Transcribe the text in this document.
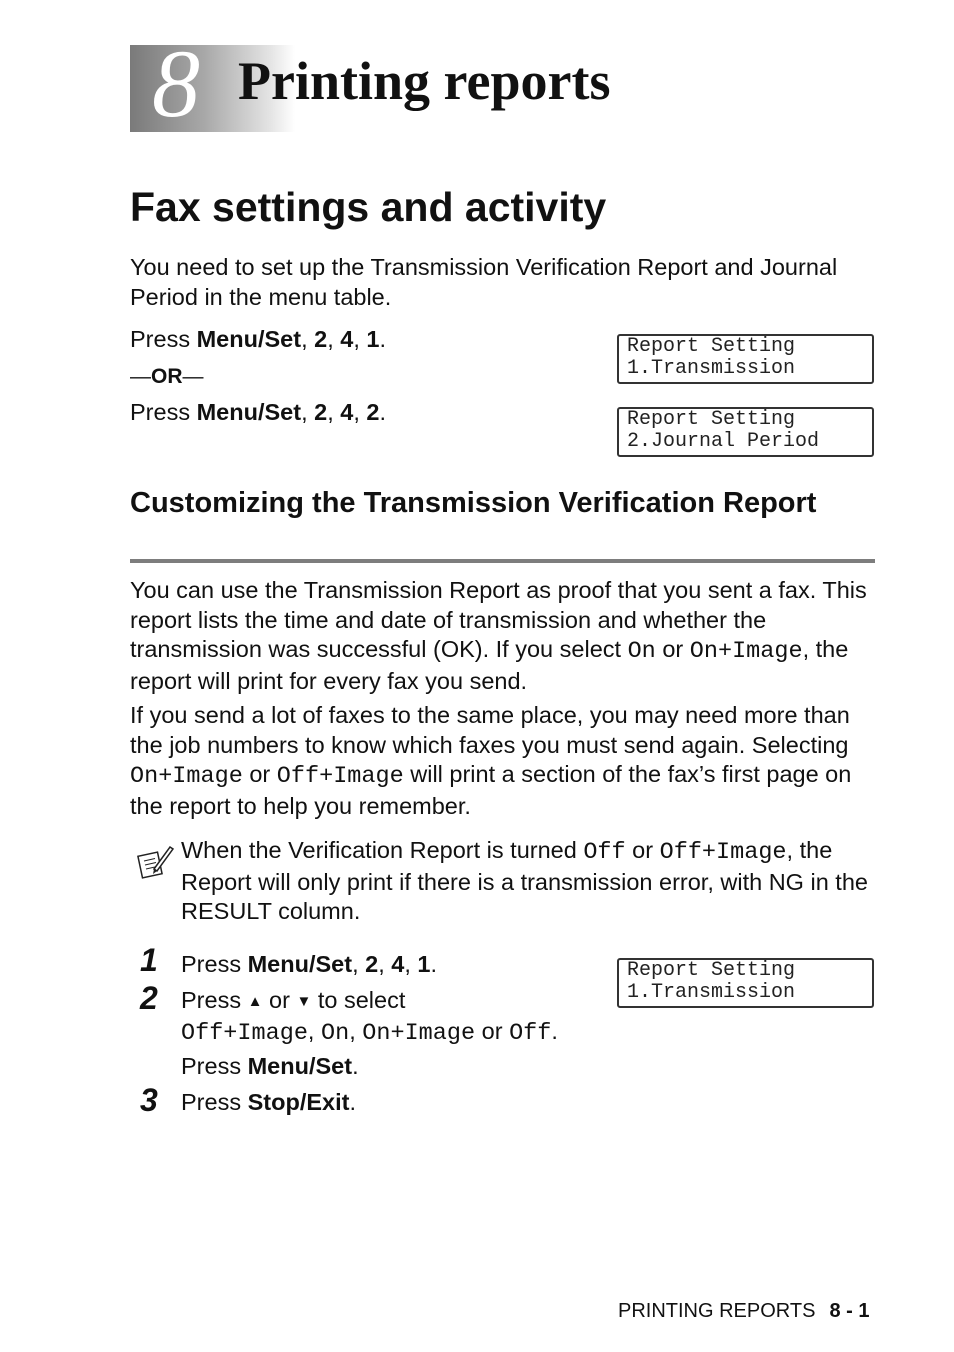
8 Printing reports
Fax settings and activity
You need to set up the Transmission Verification Report and Journal Period in the menu table.
Press Menu/Set, 2, 4, 1.
—OR—
Press Menu/Set, 2, 4, 2.
Report Setting
1.Transmission
Report Setting
2.Journal Period
Customizing the Transmission Verification Report
You can use the Transmission Report as proof that you sent a fax. This report lists the time and date of transmission and whether the transmission was successful (OK). If you select On or On+Image, the report will print for every fax you send.
If you send a lot of faxes to the same place, you may need more than the job numbers to know which faxes you must send again. Selecting On+Image or Off+Image will print a section of the fax’s first page on the report to help you remember.
When the Verification Report is turned Off or Off+Image, the Report will only print if there is a transmission error, with NG in the RESULT column.
1 Press Menu/Set, 2, 4, 1.
2 Press ▲ or ▼ to select
Off+Image, On, On+Image or Off.
Press Menu/Set.
3 Press Stop/Exit.
Report Setting
1.Transmission
PRINTING REPORTS 8 - 1
